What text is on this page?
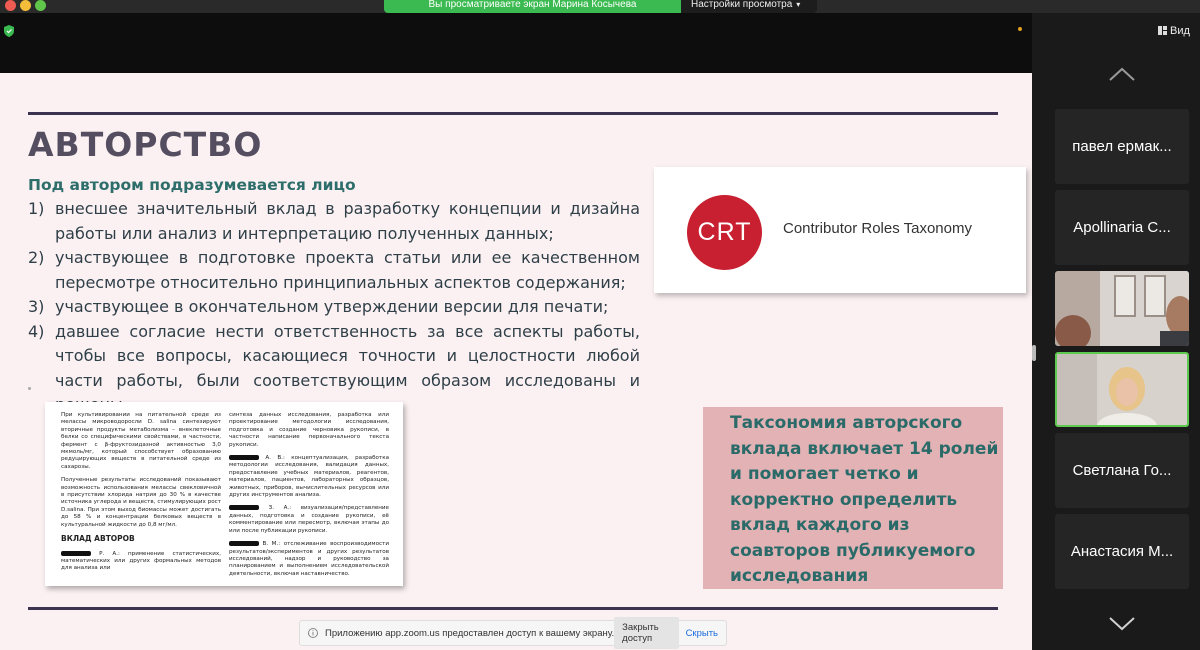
Вы просматриваете экран Марина Косычева	Настройки просмотра ▾
Вид
павел ермак...
Apollinaria C...
Светлана Го...
Анастасия М...
АВТОРСТВО
Под автором подразумевается лицо
1) внесшее значительный вклад в разработку концепции и дизайна работы или анализ и интерпретацию полученных данных;
2) участвующее в подготовке проекта статьи или ее качественном пересмотре относительно принципиальных аспектов содержания;
3) участвующее в окончательном утверждении версии для печати;
4) давшее согласие нести ответственность за все аспекты работы, чтобы все вопросы, касающиеся точности и целостности любой части работы, были соответствующим образом исследованы и
CRT	Contributor Roles Taxonomy

При культивировании на питательной среде из мелассы микроводоросли D. salina синтезируют вторичные продукты метаболизма – внеклеточные белки со специфическими свойствами, в частности, фермент с β-фруктозидазной активностью 3,0 мкмоль/мг, который способствует образованию редуцирующих веществ в питательной среде из сахарозы.

Полученные результаты исследований показывают возможность использования мелассы свекловичной в присутствии хлорида натрия до 30 % в качестве источника углерода и веществ, стимулирующих рост D.salina. При этом выход биомассы может достигать до 58 % и концентрации белковых веществ в культуральной жидкости до 0,8 мг/мл.

ВКЛАД АВТОРОВ

Р. А.: применение статистических, математических или других формальных методов для анализа или

синтеза данных исследования, разработка или проектирование методологии исследования, подготовка и создание черновика рукописи, в частности написание первоначального текста рукописи.

А. В.: концептуализация, разработка методологии исследования, валидация данных, предоставление учебных материалов, реагентов, материалов, пациентов, лабораторных образцов, животных, приборов, вычислительных ресурсов или других инструментов анализа.

З. А.: визуализация/представление данных, подготовка и создание рукописи, её комментирование или пересмотр, включая этапы до или после публикации рукописи.

В. М.: отслеживание воспроизводимости результатов/экспериментов и других результатов исследований, надзор и руководство за планированием и выполнением исследовательской деятельности, включая наставничество.

Таксономия авторского вклада включает 14 ролей и помогает четко и корректно определить вклад каждого из соавторов публикуемого исследования
Приложению app.zoom.us предоставлен доступ к вашему экрану. Закрыть доступ	Скрыть
